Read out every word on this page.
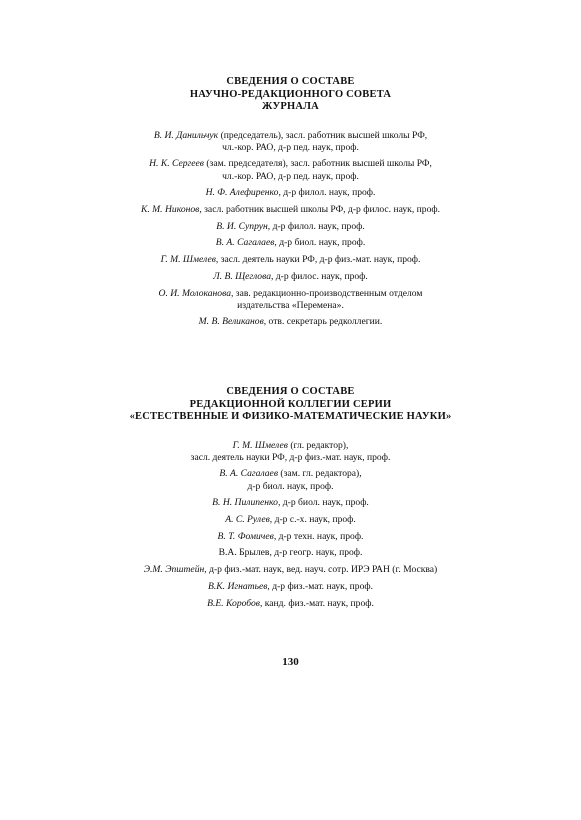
СВЕДЕНИЯ О СОСТАВЕ
НАУЧНО-РЕДАКЦИОННОГО СОВЕТА
ЖУРНАЛА
В. И. Данильчук (председатель), засл. работник высшей школы РФ,
чл.-кор. РАО, д-р пед. наук, проф.
Н. К. Сергеев (зам. председателя), засл. работник высшей школы РФ,
чл.-кор. РАО, д-р пед. наук, проф.
Н. Ф. Алефиренко, д-р филол. наук, проф.
К. М. Никонов, засл. работник высшей школы РФ, д-р филос. наук, проф.
В. И. Супрун, д-р филол. наук, проф.
В. А. Сагалаев, д-р биол. наук, проф.
Г. М. Шмелев, засл. деятель науки РФ, д-р физ.-мат. наук, проф.
Л. В. Щеглова, д-р филос. наук, проф.
О. И. Молоканова, зав. редакционно-производственным отделом
издательства «Перемена».
М. В. Великанов, отв. секретарь редколлегии.
СВЕДЕНИЯ О СОСТАВЕ
РЕДАКЦИОННОЙ КОЛЛЕГИИ СЕРИИ
«ЕСТЕСТВЕННЫЕ И ФИЗИКО-МАТЕМАТИЧЕСКИЕ НАУКИ»
Г. М. Шмелев (гл. редактор),
засл. деятель науки РФ, д-р физ.-мат. наук, проф.
В. А. Сагалаев (зам. гл. редактора),
д-р биол. наук, проф.
В. Н. Пилипенко, д-р биол. наук, проф.
А. С. Рулев, д-р с.-х. наук, проф.
В. Т. Фомичев, д-р техн. наук, проф.
В.А. Брылев, д-р геогр. наук, проф.
Э.М. Эпштейн, д-р физ.-мат. наук, вед. науч. сотр. ИРЭ РАН (г. Москва)
В.К. Игнатьев, д-р физ.-мат. наук, проф.
В.Е. Коробов, канд. физ.-мат. наук, проф.
130
